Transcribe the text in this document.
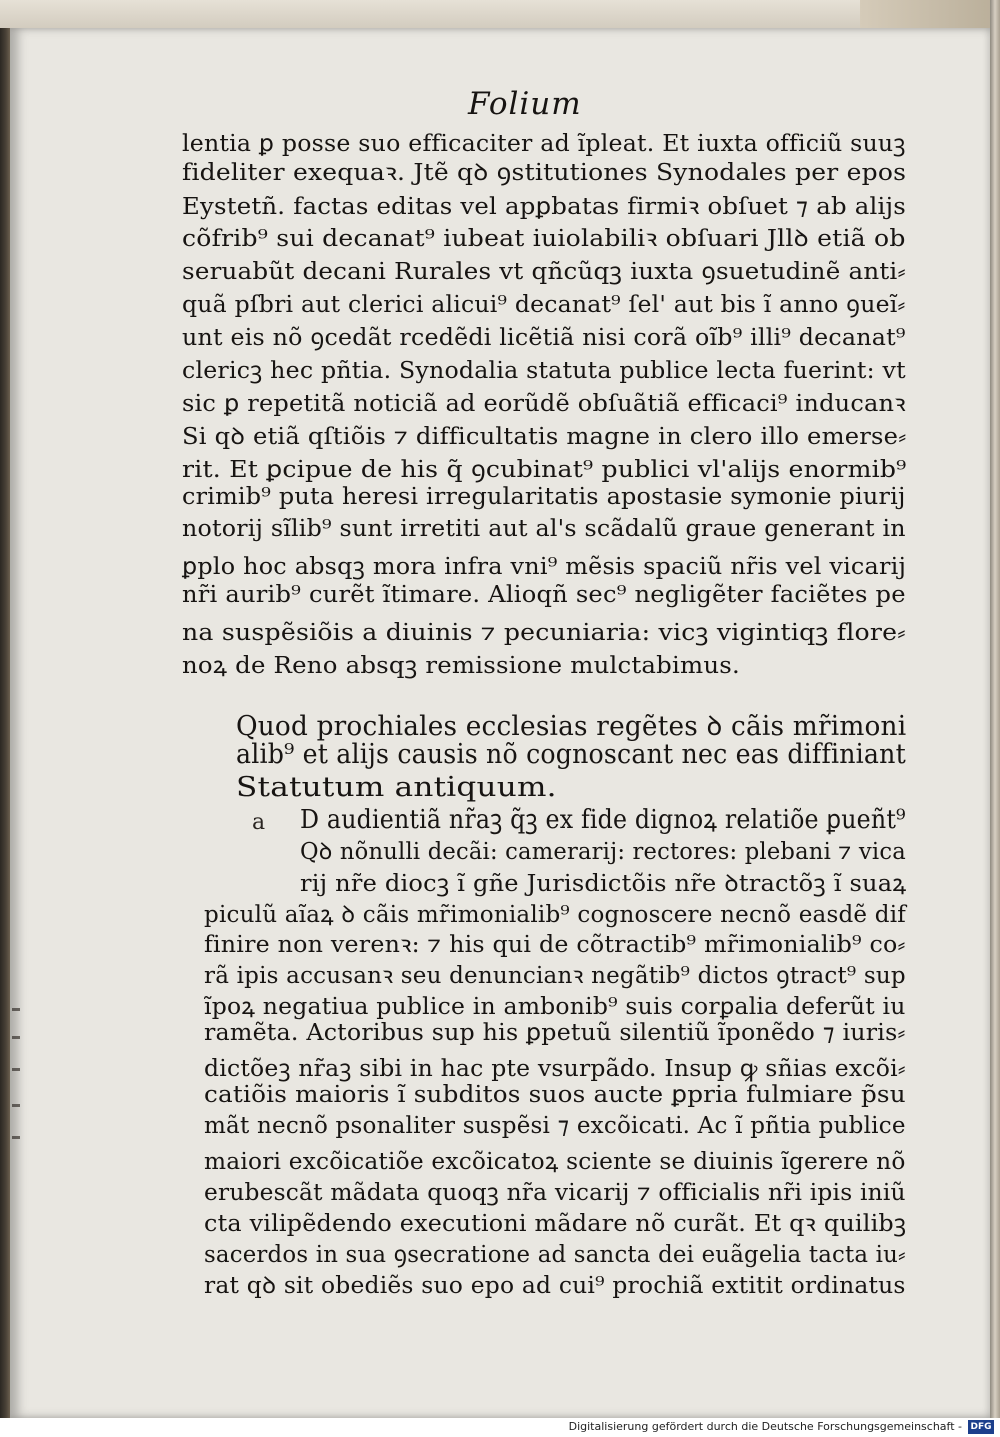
Folium
lentia ꝑ posse suo efficaciter ad ĩpleat. Et iuxta officiũ suuꝫ
fideliter exequaꝛ. Jtẽ qꝺ ꝯstitutiones Synodales per epos
Eystetñ. factas editas vel apꝑbatas firmiꝛ obſuet ⁊ ab alijs
cõfrib⁹ sui decanat⁹ iubeat iuiolabiliꝛ obſuari Jllꝺ etiã ob
seruabũt decani Rurales vt qñcũqꝫ iuxta ꝯsuetudinẽ anti⸗
quã pſbri aut clerici alicui⁹ decanat⁹ ſel' aut bis ĩ anno ꝯueĩ⸗
unt eis nõ ꝯcedãt rcedẽdi licẽtiã nisi corã oĩb⁹ illi⁹ decanat⁹
clericꝫ hec pñtia. Synodalia statuta publice lecta fuerint: vt
sic ꝑ repetitã noticiã ad eorũdẽ obſuãtiã efficaci⁹ inducanꝛ
Si qꝺ etiã qſtiõis ⁊ difficultatis magne in clero illo emerse⸗
rit. Et ꝑcipue de his q̃ ꝯcubinat⁹ publici vl'alijs enormib⁹
crimib⁹ puta heresi irregularitatis apostasie symonie piurij
notorij sĩlib⁹ sunt irretiti aut al's scãdalũ graue generant in
ꝑplo hoc absqꝫ mora infra vni⁹ mẽsis spaciũ nr̃is vel vicarij
nr̃i aurib⁹ curẽt ĩtimare. Alioqñ sec⁹ negligẽter faciẽtes pe
na suspẽsiõis a diuinis ⁊ pecuniaria: vicꝫ vigintiqꝫ flore⸗
noꝝ de Reno absqꝫ remissione mulctabimus.
Quod prochiales ecclesias regẽtes ꝺ cãis mr̃imoni
alib⁹ et alijs causis nõ cognoscant nec eas diffiniant
Statutum antiquum.
a D audientiã nr̃aꝫ q̃ꝫ ex fide dignoꝝ relatiõe ꝑueñt⁹
Qꝺ nõnulli decãi: camerarij: rectores: plebani ⁊ vica
rij nr̃e diocꝫ ĩ gñe Jurisdictõis nr̃e ꝺtractõꝫ ĩ suaꝝ
piculũ aĩaꝝ ꝺ cãis mr̃imonialib⁹ cognoscere necnõ easdẽ dif
finire non verenꝛ: ⁊ his qui de cõtractib⁹ mr̃imonialib⁹ co⸗
rã ipis accusanꝛ seu denuncianꝛ negãtib⁹ dictos ꝯtract⁹ sup
ĩpoꝝ negatiua publice in ambonib⁹ suis corꝑalia deferũt iu
ramẽta. Actoribus sup his ꝑpetuũ silentiũ ĩponẽdo ⁊ iuris⸗
dictõeꝫ nr̃aꝫ sibi in hac pte vsurpãdo. Insup ꝙ sñias excõi⸗
catiõis maioris ĩ subditos suos aucte ꝑpria fulmiare p̃su
mãt necnõ psonaliter suspẽsi ⁊ excõicati. Ac ĩ pñtia publice
maiori excõicatiõe excõicatoꝝ sciente se diuinis ĩgerere nõ
erubescãt mãdata quoqꝫ nr̃a vicarij ⁊ officialis nr̃i ipis iniũ
cta vilipẽdendo executioni mãdare nõ curãt. Et qꝛ quilibꝫ
sacerdos in sua ꝯsecratione ad sancta dei euãgelia tacta iu⸗
rat qꝺ sit obediẽs suo epo ad cui⁹ prochiã extitit ordinatus
Digitalisierung gefördert durch die Deutsche Forschungsgemeinschaft - DFG
